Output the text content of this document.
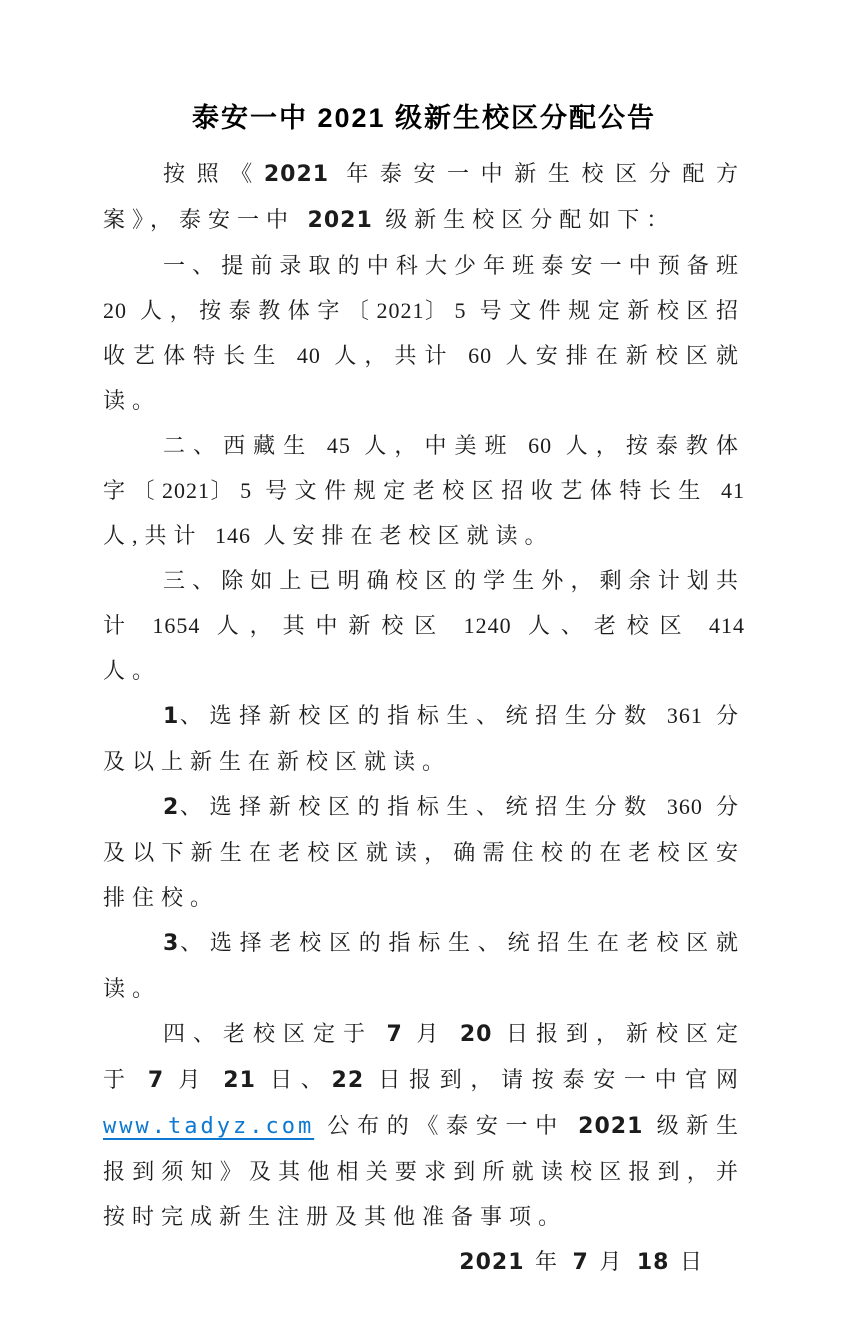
泰安一中 2021 级新生校区分配公告

按照《2021 年泰安一中新生校区分配方案》，泰安一中 2021 级新生校区分配如下：

一、提前录取的中科大少年班泰安一中预备班 20 人，按泰教体字〔2021〕5 号文件规定新校区招收艺体特长生 40 人，共计 60 人安排在新校区就读。

二、西藏生 45 人，中美班 60 人，按泰教体字〔2021〕5 号文件规定老校区招收艺体特长生 41 人,共计 146 人安排在老校区就读。

三、除如上已明确校区的学生外，剩余计划共计 1654 人，其中新校区 1240 人、老校区 414 人。

1、选择新校区的指标生、统招生分数 361 分及以上新生在新校区就读。

2、选择新校区的指标生、统招生分数 360 分及以下新生在老校区就读，确需住校的在老校区安排住校。

3、选择老校区的指标生、统招生在老校区就读。

四、老校区定于 7 月 20 日报到，新校区定于 7 月 21 日、22 日报到，请按泰安一中官网 www.tadyz.com 公布的《泰安一中 2021 级新生报到须知》及其他相关要求到所就读校区报到，并按时完成新生注册及其他准备事项。

2021 年 7 月 18 日
